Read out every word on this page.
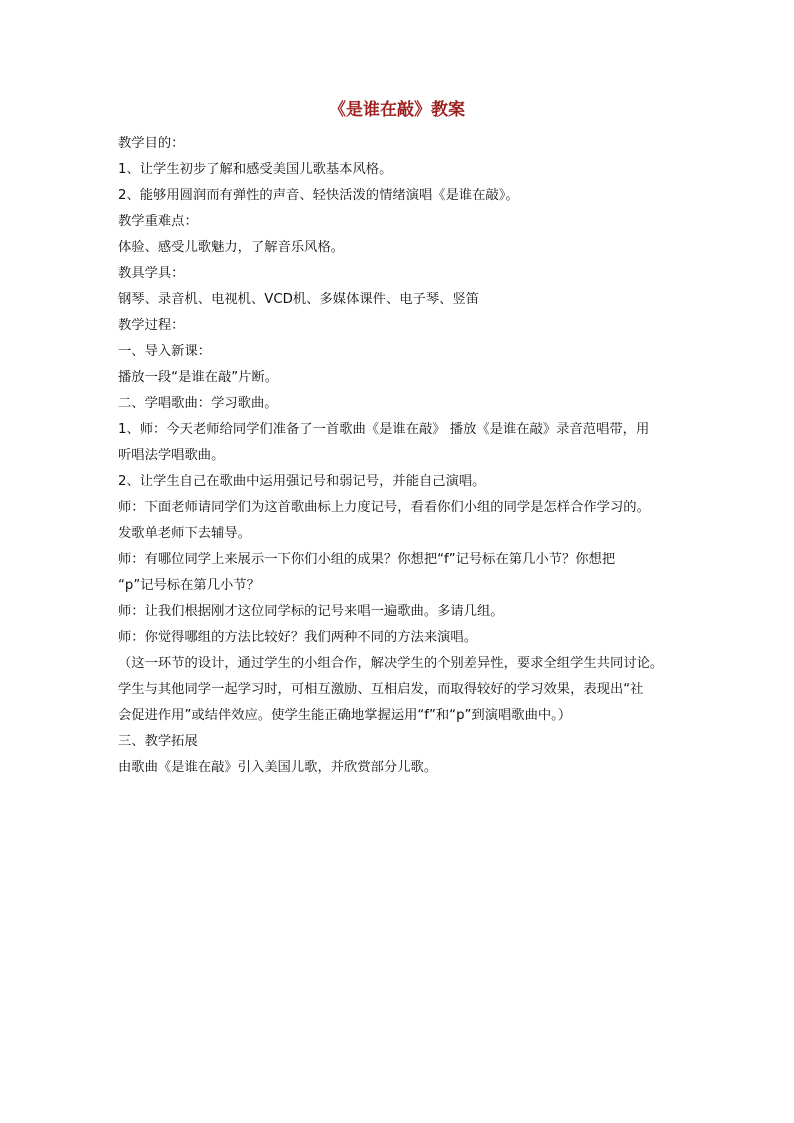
《是谁在敲》教案

教学目的：

1、让学生初步了解和感受美国儿歌基本风格。

2、能够用圆润而有弹性的声音、轻快活泼的情绪演唱《是谁在敲》。

教学重难点：

体验、感受儿歌魅力，了解音乐风格。

教具学具：

钢琴、录音机、电视机、VCD机、多媒体课件、电子琴、竖笛

教学过程：

一、导入新课：

播放一段“是谁在敲”片断。

二、学唱歌曲：学习歌曲。

1、师：今天老师给同学们准备了一首歌曲《是谁在敲》 播放《是谁在敲》录音范唱带，用

听唱法学唱歌曲。

2、让学生自己在歌曲中运用强记号和弱记号，并能自己演唱。

师：下面老师请同学们为这首歌曲标上力度记号，看看你们小组的同学是怎样合作学习的。

发歌单老师下去辅导。

师：有哪位同学上来展示一下你们小组的成果？你想把“f”记号标在第几小节？你想把

“p”记号标在第几小节？

师：让我们根据刚才这位同学标的记号来唱一遍歌曲。多请几组。

师：你觉得哪组的方法比较好？我们两种不同的方法来演唱。

（这一环节的设计，通过学生的小组合作，解决学生的个别差异性，要求全组学生共同讨论。

学生与其他同学一起学习时，可相互激励、互相启发，而取得较好的学习效果，表现出“社

会促进作用”或结伴效应。使学生能正确地掌握运用“f”和“p”到演唱歌曲中。）

三、教学拓展

由歌曲《是谁在敲》引入美国儿歌，并欣赏部分儿歌。
